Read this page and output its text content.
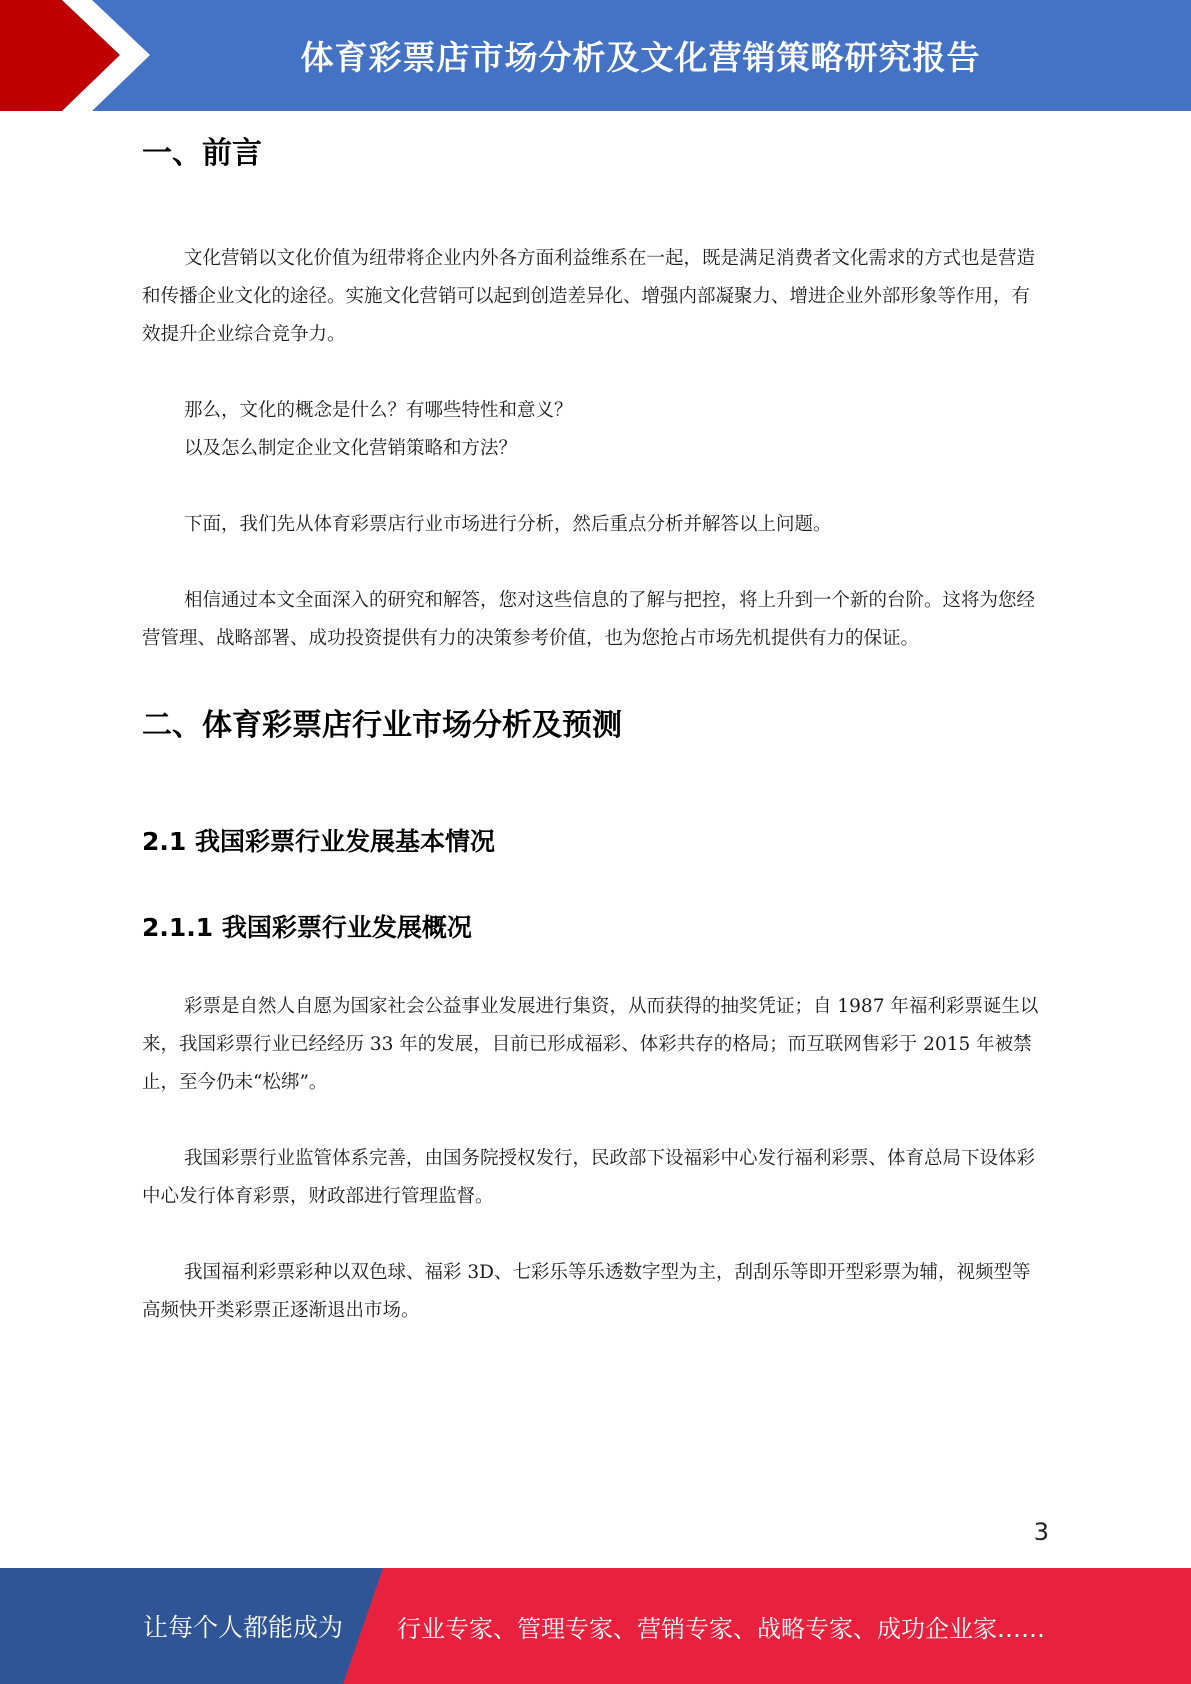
体育彩票店市场分析及文化营销策略研究报告
一、前言

文化营销以文化价值为纽带将企业内外各方面利益维系在一起，既是满足消费者文化需求的方式也是营造和传播企业文化的途径。实施文化营销可以起到创造差异化、增强内部凝聚力、增进企业外部形象等作用，有效提升企业综合竞争力。

那么，文化的概念是什么？有哪些特性和意义？

以及怎么制定企业文化营销策略和方法？

下面，我们先从体育彩票店行业市场进行分析，然后重点分析并解答以上问题。

相信通过本文全面深入的研究和解答，您对这些信息的了解与把控，将上升到一个新的台阶。这将为您经营管理、战略部署、成功投资提供有力的决策参考价值，也为您抢占市场先机提供有力的保证。

二、体育彩票店行业市场分析及预测
2.1 我国彩票行业发展基本情况
2.1.1 我国彩票行业发展概况

彩票是自然人自愿为国家社会公益事业发展进行集资，从而获得的抽奖凭证；自 1987 年福利彩票诞生以来，我国彩票行业已经经历 33 年的发展，目前已形成福彩、体彩共存的格局；而互联网售彩于 2015 年被禁止，至今仍未“松绑”。

我国彩票行业监管体系完善，由国务院授权发行，民政部下设福彩中心发行福利彩票、体育总局下设体彩中心发行体育彩票，财政部进行管理监督。

我国福利彩票彩种以双色球、福彩 3D、七彩乐等乐透数字型为主，刮刮乐等即开型彩票为辅，视频型等高频快开类彩票正逐渐退出市场。

3
让每个人都能成为 行业专家、管理专家、营销专家、战略专家、成功企业家……
